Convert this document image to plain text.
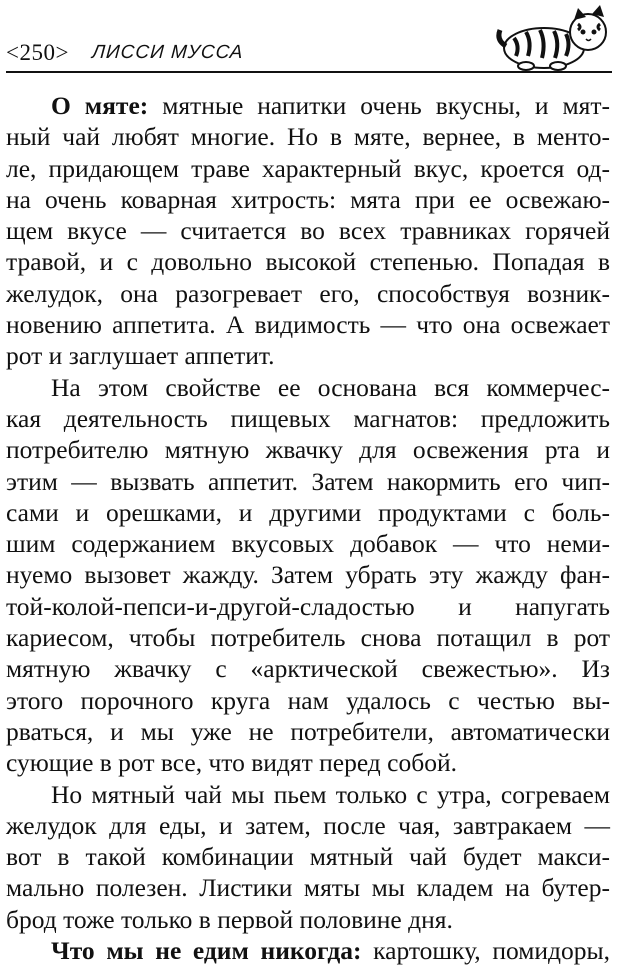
<250> ЛИССИ МУССА
О мяте: мятные напитки очень вкусны, и мят-
ный чай любят многие. Но в мяте, вернее, в менто-
ле, придающем траве характерный вкус, кроется од-
на очень коварная хитрость: мята при ее освежаю-
щем вкусе — считается во всех травниках горячей
травой, и с довольно высокой степенью. Попадая в
желудок, она разогревает его, способствуя возник-
новению аппетита. А видимость — что она освежает
рот и заглушает аппетит.
На этом свойстве ее основана вся коммерчес-
кая деятельность пищевых магнатов: предложить
потребителю мятную жвачку для освежения рта и
этим — вызвать аппетит. Затем накормить его чип-
сами и орешками, и другими продуктами с боль-
шим содержанием вкусовых добавок — что неми-
нуемо вызовет жажду. Затем убрать эту жажду фан-
той-колой-пепси-и-другой-сладостью и напугать
кариесом, чтобы потребитель снова потащил в рот
мятную жвачку с «арктической свежестью». Из
этого порочного круга нам удалось с честью вы-
рваться, и мы уже не потребители, автоматически
сующие в рот все, что видят перед собой.
Но мятный чай мы пьем только с утра, согреваем
желудок для еды, и затем, после чая, завтракаем —
вот в такой комбинации мятный чай будет макси-
мально полезен. Листики мяты мы кладем на бутер-
брод тоже только в первой половине дня.
Что мы не едим никогда: картошку, помидоры,
